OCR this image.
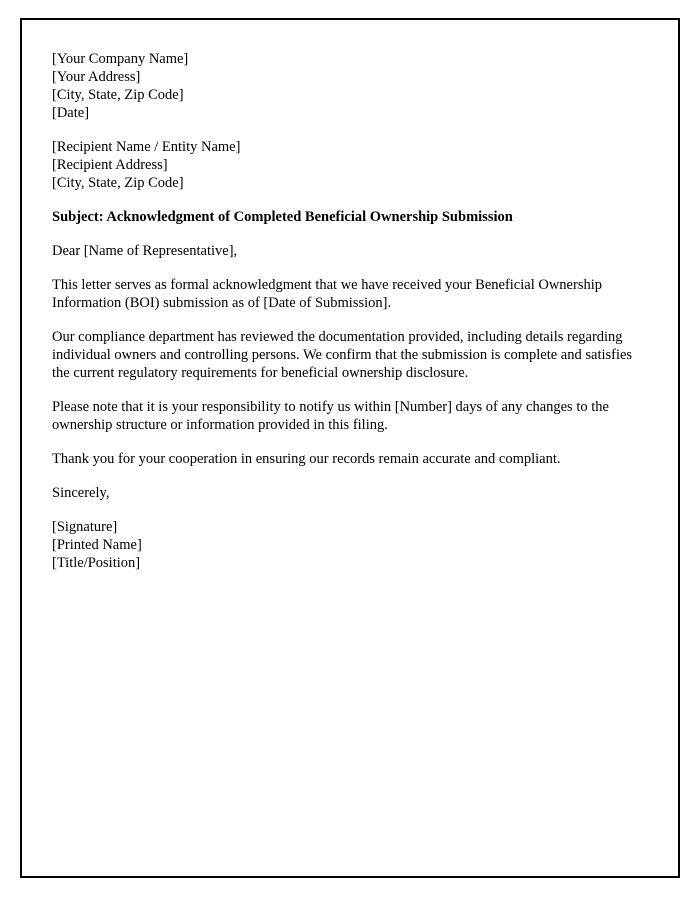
[Your Company Name]
[Your Address]
[City, State, Zip Code]
[Date]
[Recipient Name / Entity Name]
[Recipient Address]
[City, State, Zip Code]
Subject: Acknowledgment of Completed Beneficial Ownership Submission
Dear [Name of Representative],
This letter serves as formal acknowledgment that we have received your Beneficial Ownership Information (BOI) submission as of [Date of Submission].
Our compliance department has reviewed the documentation provided, including details regarding individual owners and controlling persons. We confirm that the submission is complete and satisfies the current regulatory requirements for beneficial ownership disclosure.
Please note that it is your responsibility to notify us within [Number] days of any changes to the ownership structure or information provided in this filing.
Thank you for your cooperation in ensuring our records remain accurate and compliant.
Sincerely,
[Signature]
[Printed Name]
[Title/Position]
